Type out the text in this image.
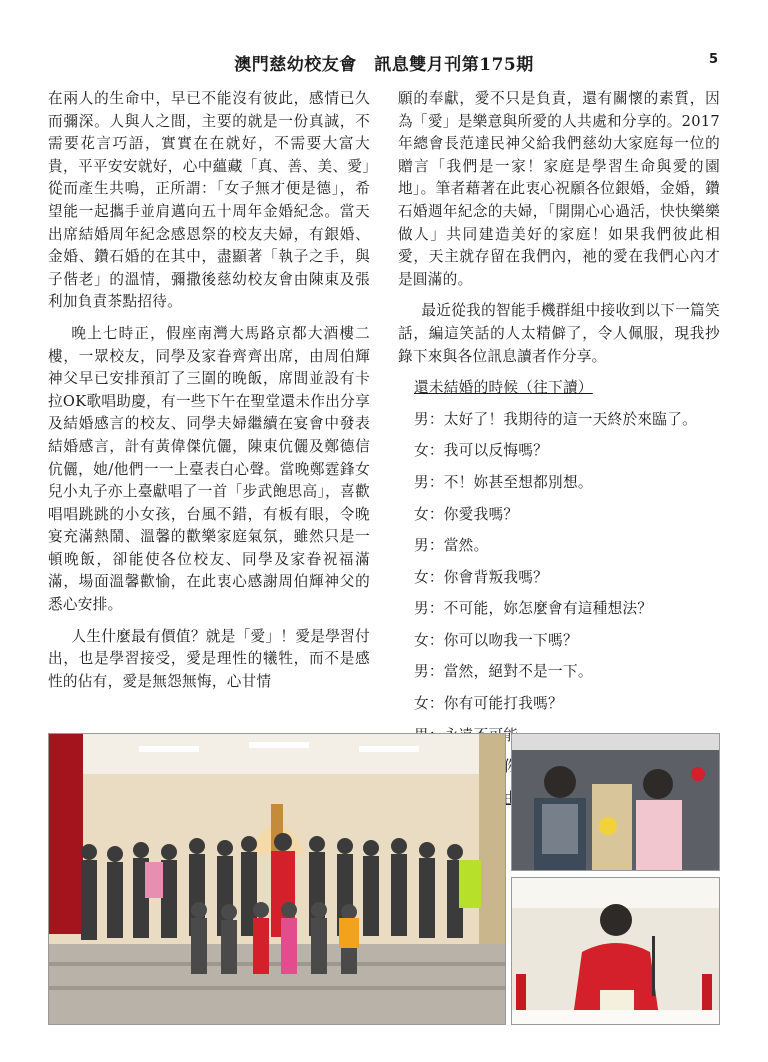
澳門慈幼校友會　訊息雙月刊第175期	5

在兩人的生命中，早已不能沒有彼此，感情已久而彌深。人與人之間，主要的就是一份真誠，不需要花言巧語，實實在在就好，不需要大富大貴，平平安安就好，心中蘊藏「真、善、美、愛」從而產生共鳴，正所謂：「女子無才便是德」，希望能一起攜手並肩邁向五十周年金婚紀念。當天出席結婚周年紀念感恩祭的校友夫婦，有銀婚、金婚、鑽石婚的在其中，盡顯著「執子之手，與子偕老」的溫情，彌撒後慈幼校友會由陳東及張利加負責茶點招待。

晚上七時正，假座南灣大馬路京都大酒樓二樓，一眾校友，同學及家眷齊齊出席，由周伯輝神父早已安排預訂了三圍的晚飯，席間並設有卡拉OK歌唱助慶，有一些下午在聖堂還未作出分享及結婚感言的校友、同學夫婦繼續在宴會中發表結婚感言，計有黃偉傑伉儷，陳東伉儷及鄭德信伉儷，她/他們一一上臺表白心聲。當晚鄭霆鋒女兒小丸子亦上臺獻唱了一首「步武飽思高」，喜歡唱唱跳跳的小女孩，台風不錯，有板有眼，令晚宴充滿熱鬧、溫馨的歡樂家庭氣氛，雖然只是一頓晚飯，卻能使各位校友、同學及家眷祝福滿滿，場面溫馨歡愉，在此衷心感謝周伯輝神父的悉心安排。

人生什麼最有價值？就是「愛」！愛是學習付出，也是學習接受，愛是理性的犧牲，而不是感性的佔有，愛是無怨無悔，心甘情

願的奉獻，愛不只是負責，還有關懷的素質，因為「愛」是樂意與所愛的人共處和分享的。2017年總會長范達民神父給我們慈幼大家庭每一位的贈言「我們是一家！家庭是學習生命與愛的園地」。筆者藉著在此衷心祝願各位銀婚，金婚，鑽石婚週年紀念的夫婦，「開開心心過活，快快樂樂做人」共同建造美好的家庭！如果我們彼此相愛，天主就存留在我們內，祂的愛在我們心內才是圓滿的。

最近從我的智能手機群組中接收到以下一篇笑話，編這笑話的人太精僻了，令人佩服，現我抄錄下來與各位訊息讀者作分享。

還未結婚的時候（往下讀）

男：太好了！我期待的這一天終於來臨了。

女：我可以反悔嗎？

男：不！妳甚至想都別想。

女：你愛我嗎？

男：當然。

女：你會背叛我嗎？

男：不可能，妳怎麼會有這種想法？

女：你可以吻我一下嗎？

男：當然，絕對不是一下。

女：你有可能打我嗎？
